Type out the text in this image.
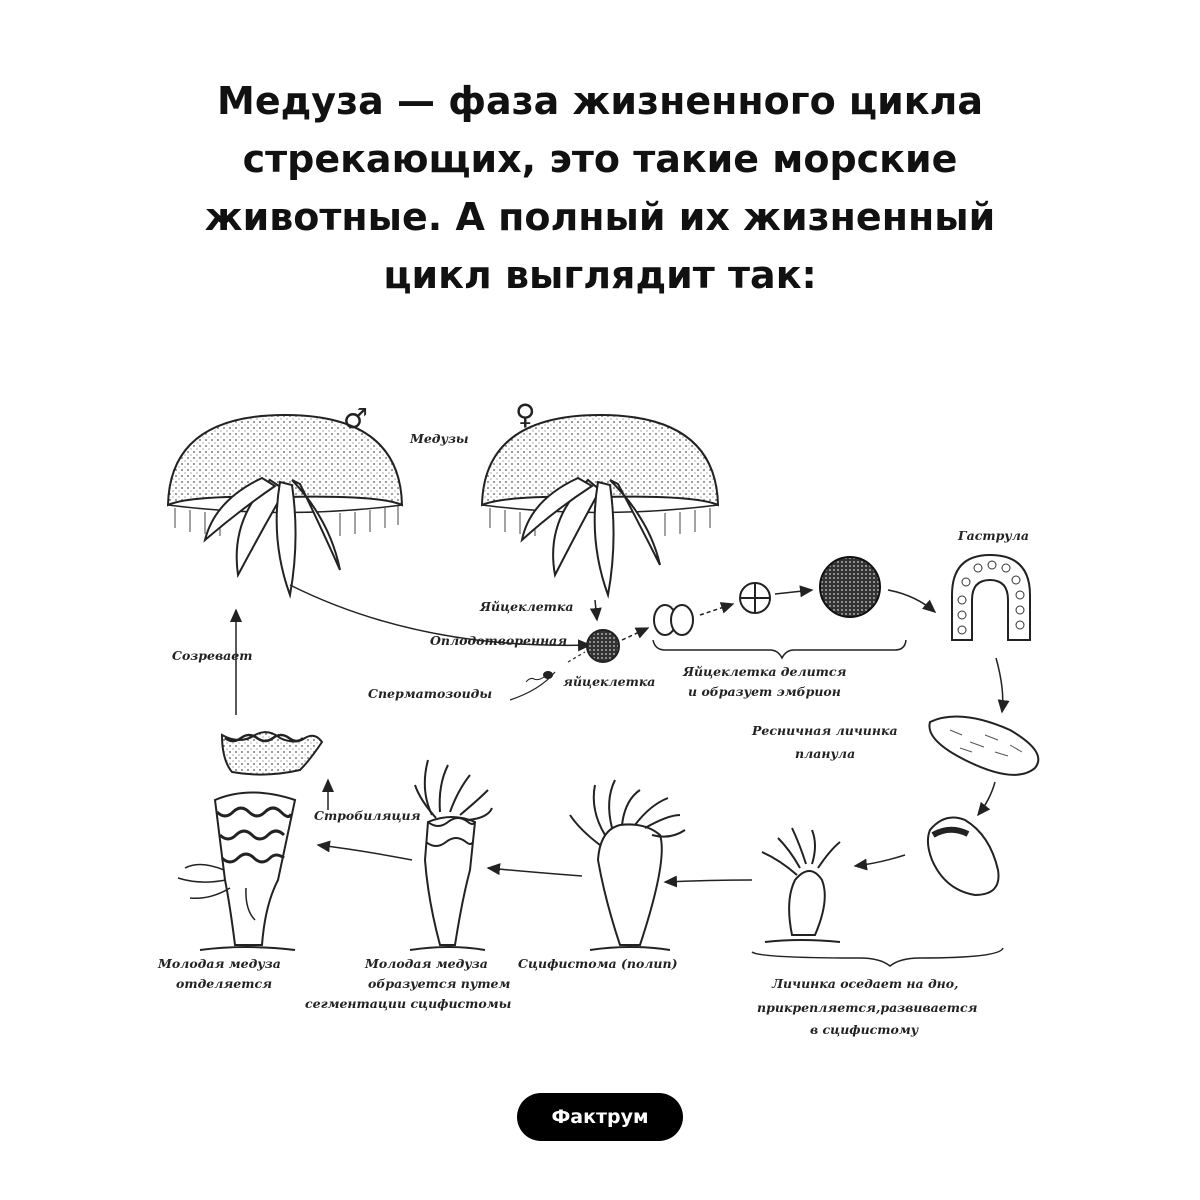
Медуза — фаза жизненного цикла
стрекающих, это такие морские
животные. А полный их жизненный
цикл выглядит так:
♂	♀
Медузы
Яйцеклетка
Оплодотворенная
яйцеклетка
Сперматозоиды
Яйцеклетка делится
и образует эмбрион
Гаструла
Ресничная личинка
планула
Сцифистома (полип)
Молодая медуза
образуется путем
сегментации сцифистомы
Стробиляция
Молодая медуза
отделяется
Созревает
Личинка оседает на дно,
прикрепляется,развивается
в сцифистому
Фактрум
